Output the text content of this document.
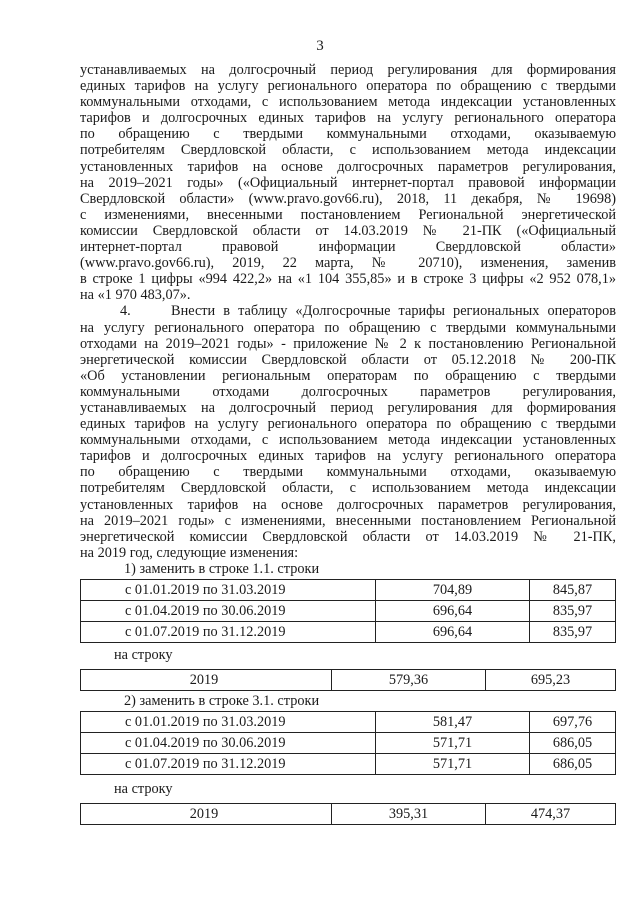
3

устанавливаемых на долгосрочный период регулирования для формирования

единых тарифов на услугу регионального оператора по обращению с твердыми

коммунальными отходами, с использованием метода индексации установленных

тарифов и долгосрочных единых тарифов на услугу регионального оператора

по обращению с твердыми коммунальными отходами, оказываемую

потребителям Свердловской области, с использованием метода индексации

установленных тарифов на основе долгосрочных параметров регулирования,

на 2019–2021 годы» («Официальный интернет-портал правовой информации

Свердловской области» (www.pravo.gov66.ru), 2018, 11 декабря, № 19698)

с изменениями, внесенными постановлением Региональной энергетической

комиссии Свердловской области от 14.03.2019 № 21-ПК («Официальный

интернет-портал правовой информации Свердловской области»

(www.pravo.gov66.ru), 2019, 22 марта, № 20710), изменения, заменив

в строке 1 цифры «994 422,2» на «1 104 355,85» и в строке 3 цифры «2 952 078,1»

на «1 970 483,07».

4.     Внести в таблицу «Долгосрочные тарифы региональных операторов

на услугу регионального оператора по обращению с твердыми коммунальными

отходами на 2019–2021 годы» - приложение № 2 к постановлению Региональной

энергетической комиссии Свердловской области от 05.12.2018 № 200-ПК

«Об установлении региональным операторам по обращению с твердыми

коммунальными отходами долгосрочных параметров регулирования,

устанавливаемых на долгосрочный период регулирования для формирования

единых тарифов на услугу регионального оператора по обращению с твердыми

коммунальными отходами, с использованием метода индексации установленных

тарифов и долгосрочных единых тарифов на услугу регионального оператора

по обращению с твердыми коммунальными отходами, оказываемую

потребителям Свердловской области, с использованием метода индексации

установленных тарифов на основе долгосрочных параметров регулирования,

на 2019–2021 годы» с изменениями, внесенными постановлением Региональной

энергетической комиссии Свердловской области от 14.03.2019 № 21-ПК,

на 2019 год, следующие изменения:

1) заменить в строке 1.1. строки

с 01.01.2019 по 31.03.2019	704,89	845,87
с 01.04.2019 по 30.06.2019	696,64	835,97
с 01.07.2019 по 31.12.2019	696,64	835,97

на строку

2019	579,36	695,23

2) заменить в строке 3.1. строки

с 01.01.2019 по 31.03.2019	581,47	697,76
с 01.04.2019 по 30.06.2019	571,71	686,05
с 01.07.2019 по 31.12.2019	571,71	686,05

на строку

2019	395,31	474,37
